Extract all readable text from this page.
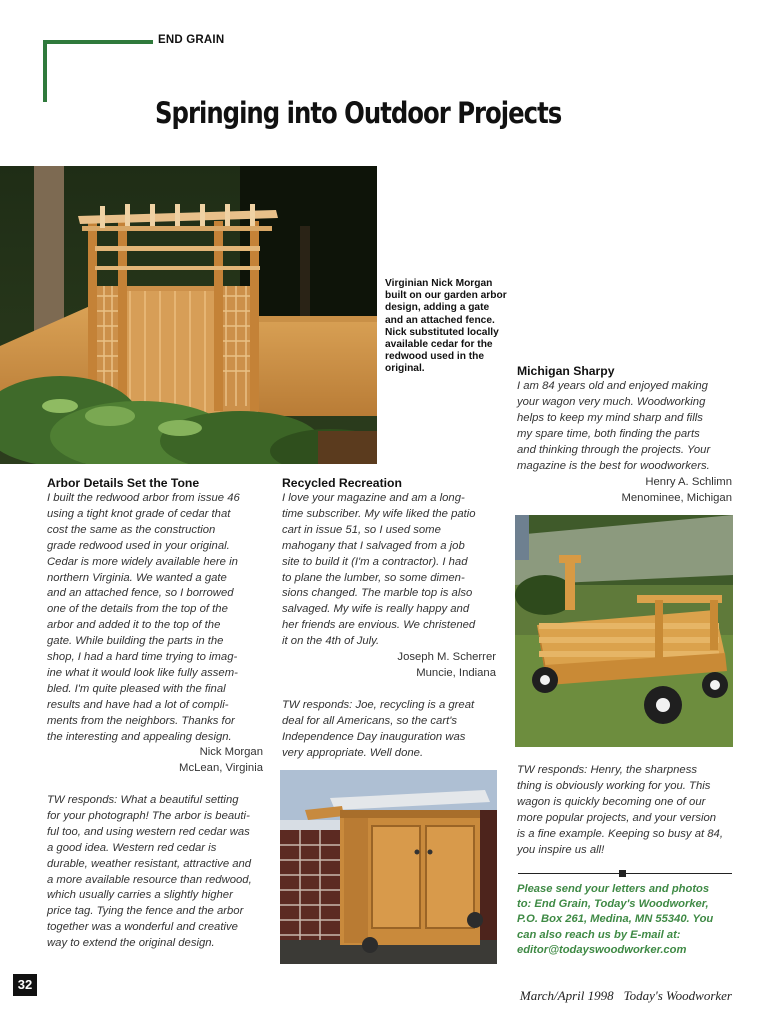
END GRAIN
Springing into Outdoor Projects
Virginian Nick Morgan built on our garden arbor design, adding a gate and an attached fence. Nick substituted locally available cedar for the redwood used in the original.
Arbor Details Set the Tone
I built the redwood arbor from issue 46
using a tight knot grade of cedar that
cost the same as the construction
grade redwood used in your original.
Cedar is more widely available here in
northern Virginia. We wanted a gate
and an attached fence, so I borrowed
one of the details from the top of the
arbor and added it to the top of the
gate. While building the parts in the
shop, I had a hard time trying to imag-
ine what it would look like fully assem-
bled. I'm quite pleased with the final
results and have had a lot of compli-
ments from the neighbors. Thanks for
the interesting and appealing design.
Nick Morgan
McLean, Virginia
TW responds: What a beautiful setting
for your photograph! The arbor is beauti-
ful too, and using western red cedar was
a good idea. Western red cedar is
durable, weather resistant, attractive and
a more available resource than redwood,
which usually carries a slightly higher
price tag. Tying the fence and the arbor
together was a wonderful and creative
way to extend the original design.
Recycled Recreation
I love your magazine and am a long-
time subscriber. My wife liked the patio
cart in issue 51, so I used some
mahogany that I salvaged from a job
site to build it (I'm a contractor). I had
to plane the lumber, so some dimen-
sions changed. The marble top is also
salvaged. My wife is really happy and
her friends are envious. We christened
it on the 4th of July.
Joseph M. Scherrer
Muncie, Indiana
TW responds: Joe, recycling is a great
deal for all Americans, so the cart's
Independence Day inauguration was
very appropriate. Well done.
Michigan Sharpy
I am 84 years old and enjoyed making
your wagon very much. Woodworking
helps to keep my mind sharp and fills
my spare time, both finding the parts
and thinking through the projects. Your
magazine is the best for woodworkers.
Henry A. Schlimn
Menominee, Michigan
TW responds: Henry, the sharpness
thing is obviously working for you. This
wagon is quickly becoming one of our
more popular projects, and your version
is a fine example. Keeping so busy at 84,
you inspire us all!
Please send your letters and photos
to: End Grain, Today's Woodworker,
P.O. Box 261, Medina, MN 55340. You
can also reach us by E-mail at:
editor@todayswoodworker.com
32
March/April 1998 Today's Woodworker
